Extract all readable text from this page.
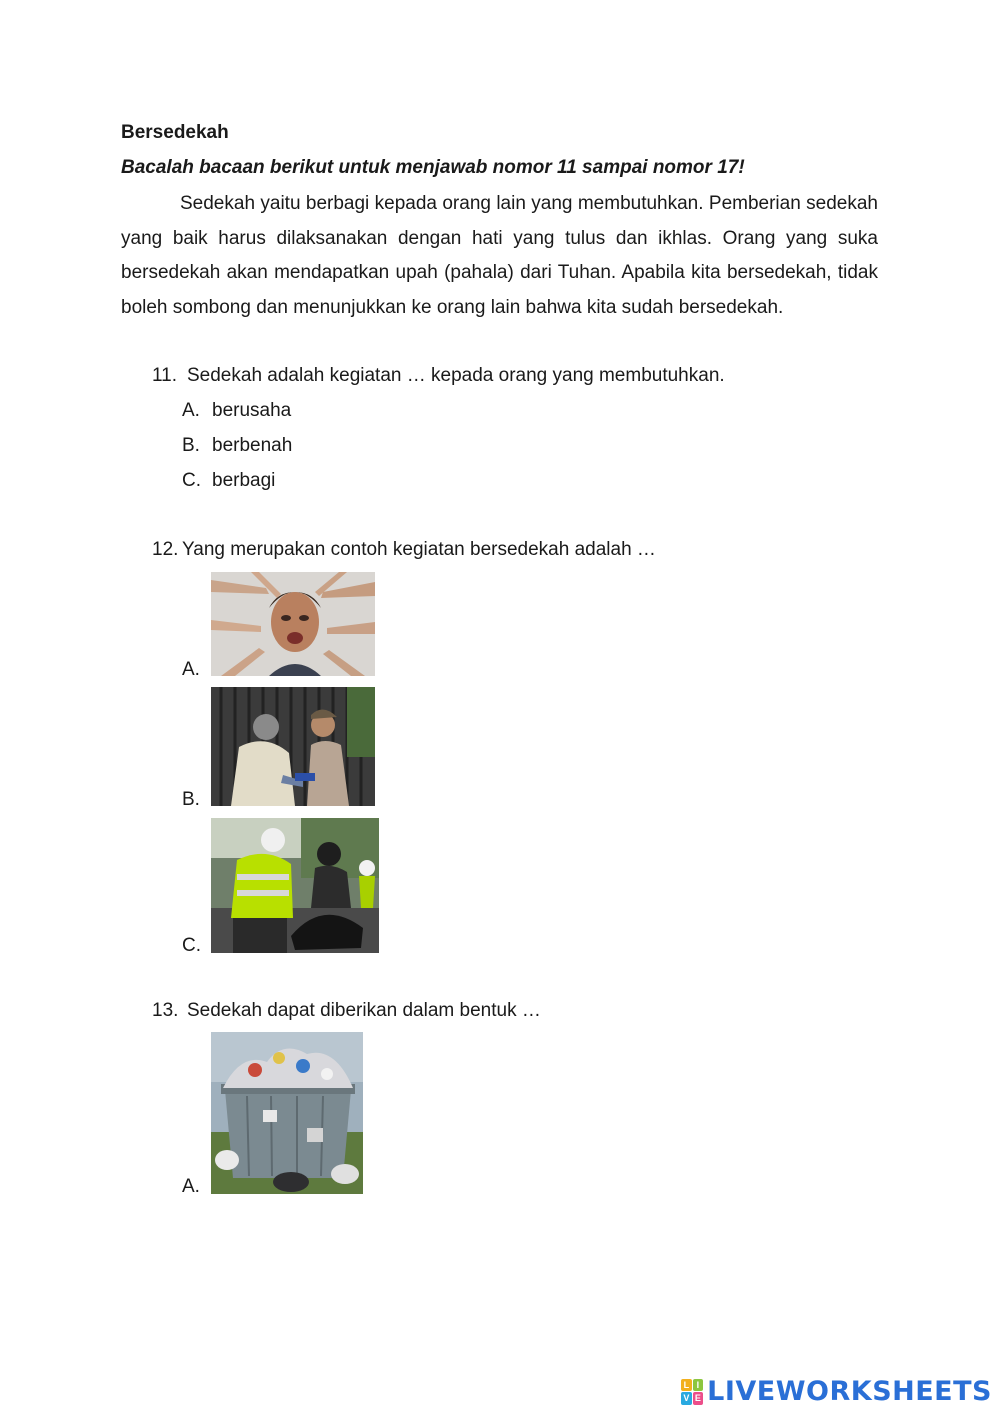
Bersedekah
Bacalah bacaan berikut untuk menjawab nomor 11 sampai nomor 17!
Sedekah yaitu berbagi kepada orang lain yang membutuhkan. Pemberian sedekah yang baik harus dilaksanakan dengan hati yang tulus dan ikhlas. Orang yang suka bersedekah akan mendapatkan upah (pahala) dari Tuhan. Apabila kita bersedekah, tidak boleh sombong dan menunjukkan ke orang lain bahwa kita sudah bersedekah.
11. Sedekah adalah kegiatan … kepada orang yang membutuhkan.
A. berusaha
B. berbenah
C. berbagi
12. Yang merupakan contoh kegiatan bersedekah adalah …
A.
B.
C.
13. Sedekah dapat diberikan dalam bentuk …
A.
L I
V E LIVEWORKSHEETS
